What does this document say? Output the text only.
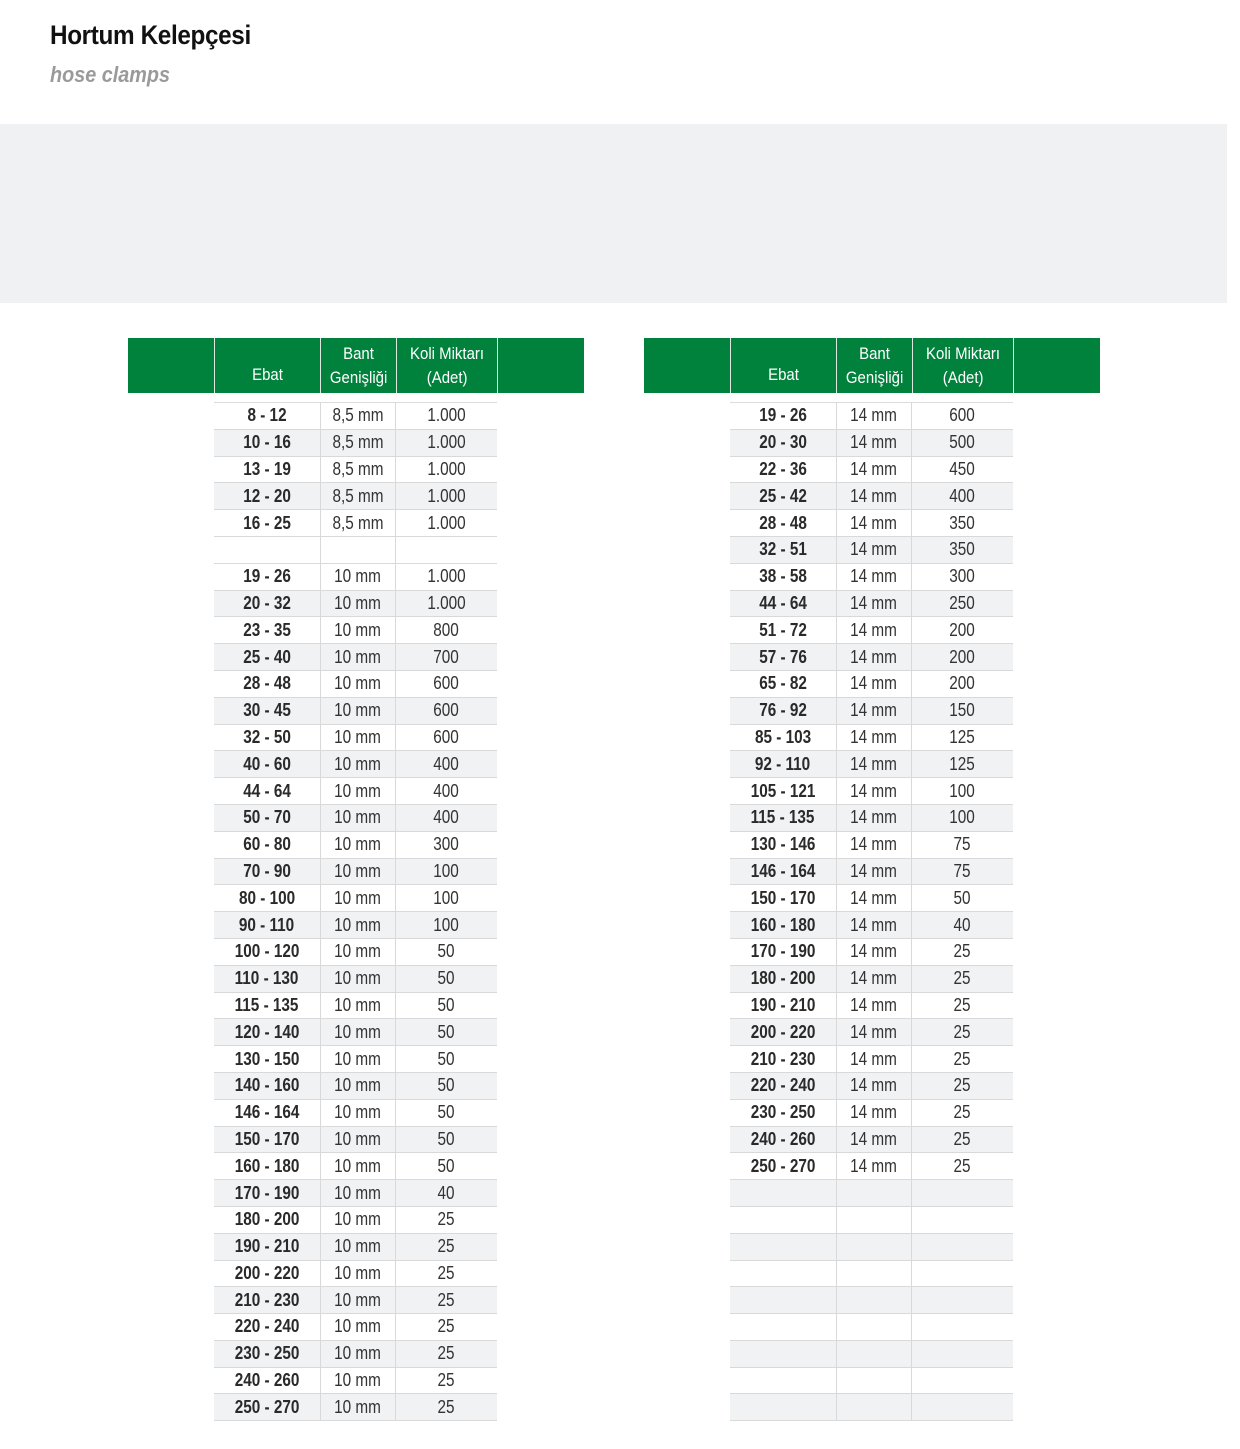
Hortum Kelepçesi
hose clamps
Ebat
Bant
Genişliği
Koli Miktarı
(Adet)
8 - 12	8,5 mm 1.000
10 - 16 8,5 mm 1.000
13 - 19 8,5 mm 1.000
12 - 20 8,5 mm 1.000
16 - 25 8,5 mm 1.000
19 - 26 10 mm	1.000
20 - 32 10 mm	1.000
23 - 35 10 mm	800
25 - 40 10 mm	700
28 - 48 10 mm	600
30 - 45 10 mm	600
32 - 50 10 mm	600
40 - 60 10 mm	400
44 - 64 10 mm	400
50 - 70 10 mm	400
60 - 80 10 mm	300
70 - 90 10 mm	100
80 - 100 10 mm	100
90 - 110 10 mm	100
100 - 120 10 mm	50
110 - 130 10 mm	50
115 - 135 10 mm	50
120 - 140 10 mm	50
130 - 150 10 mm	50
140 - 160 10 mm	50
146 - 164 10 mm	50
150 - 170 10 mm	50
160 - 180 10 mm	50
170 - 190 10 mm	40
180 - 200 10 mm	25
190 - 210 10 mm	25
200 - 220 10 mm	25
210 - 230 10 mm	25
220 - 240 10 mm	25
230 - 250 10 mm	25
240 - 260 10 mm	25
250 - 270 10 mm	25
Ebat
Bant
Genişliği
Koli Miktarı
(Adet)
19 - 26 14 mm	600
20 - 30 14 mm	500
22 - 36 14 mm	450
25 - 42 14 mm	400
28 - 48 14 mm	350
32 - 51 14 mm	350
38 - 58 14 mm	300
44 - 64 14 mm	250
51 - 72 14 mm	200
57 - 76 14 mm	200
65 - 82 14 mm	200
76 - 92 14 mm	150
85 - 103 14 mm	125
92 - 110 14 mm	125
105 - 121 14 mm	100
115 - 135 14 mm	100
130 - 146 14 mm	75
146 - 164 14 mm	75
150 - 170 14 mm	50
160 - 180 14 mm	40
170 - 190 14 mm	25
180 - 200 14 mm	25
190 - 210 14 mm	25
200 - 220 14 mm	25
210 - 230 14 mm	25
220 - 240 14 mm	25
230 - 250 14 mm	25
240 - 260 14 mm	25
250 - 270 14 mm	25
